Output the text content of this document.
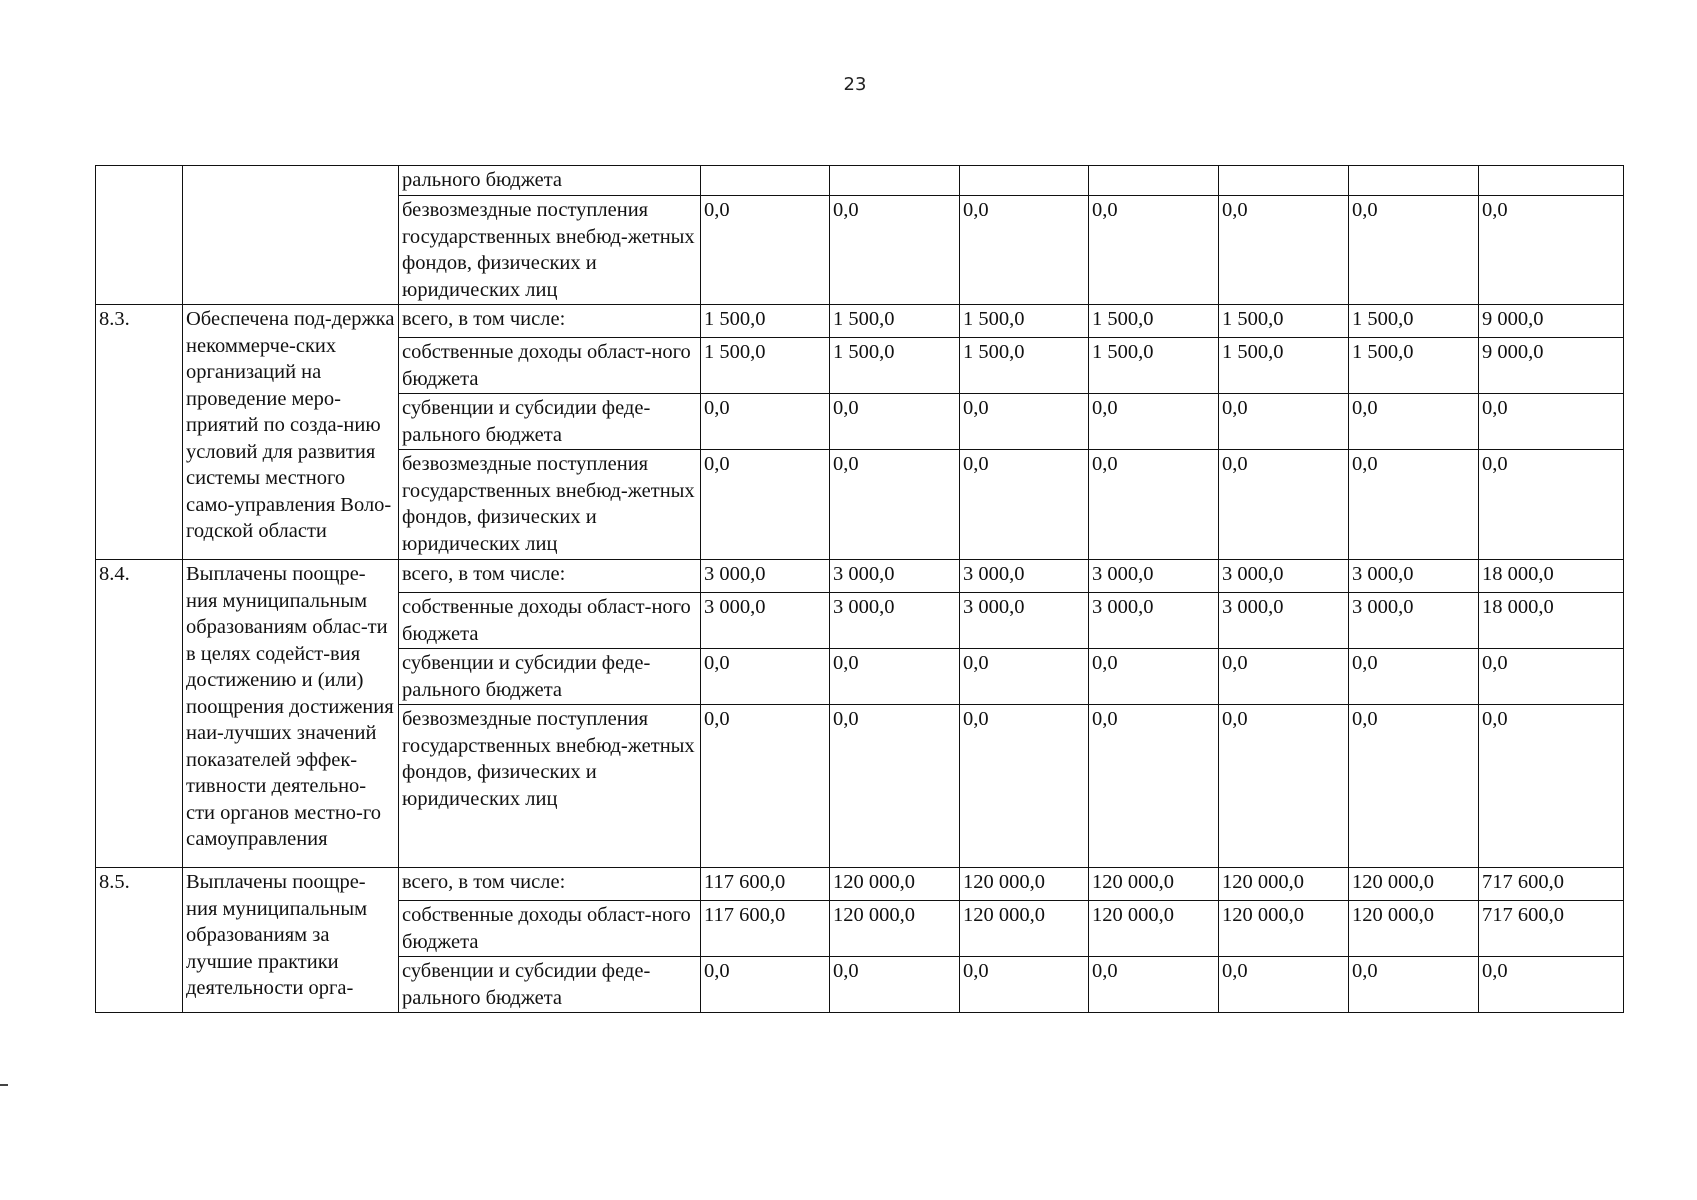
23
		рального бюджета							
		безвозмездные поступления государственных внебюд-жетных фондов, физических и юридических лиц	0,0	0,0	0,0	0,0	0,0	0,0	0,0
8.3.	Обеспечена под-держка некоммерче-ских организаций на проведение меро-приятий по созда-нию условий для развития системы местного само-управления Воло-годской области	всего, в том числе:	1 500,0	1 500,0	1 500,0	1 500,0	1 500,0	1 500,0	9 000,0
		собственные доходы област-ного бюджета	1 500,0	1 500,0	1 500,0	1 500,0	1 500,0	1 500,0	9 000,0
		субвенции и субсидии феде-рального бюджета	0,0	0,0	0,0	0,0	0,0	0,0	0,0
		безвозмездные поступления государственных внебюд-жетных фондов, физических и юридических лиц	0,0	0,0	0,0	0,0	0,0	0,0	0,0
8.4.	Выплачены поощре-ния муниципальным образованиям облас-ти в целях содейст-вия достижению и (или) поощрения достижения наи-лучших значений показателей эффек-тивности деятельно-сти органов местно-го самоуправления	всего, в том числе:	3 000,0	3 000,0	3 000,0	3 000,0	3 000,0	3 000,0	18 000,0
		собственные доходы област-ного бюджета	3 000,0	3 000,0	3 000,0	3 000,0	3 000,0	3 000,0	18 000,0
		субвенции и субсидии феде-рального бюджета	0,0	0,0	0,0	0,0	0,0	0,0	0,0
		безвозмездные поступления государственных внебюд-жетных фондов, физических и юридических лиц	0,0	0,0	0,0	0,0	0,0	0,0	0,0
8.5.	Выплачены поощре-ния муниципальным образованиям за лучшие практики деятельности орга-	всего, в том числе:	117 600,0	120 000,0	120 000,0	120 000,0	120 000,0	120 000,0	717 600,0
		собственные доходы област-ного бюджета	117 600,0	120 000,0	120 000,0	120 000,0	120 000,0	120 000,0	717 600,0
		субвенции и субсидии феде-рального бюджета	0,0	0,0	0,0	0,0	0,0	0,0	0,0
